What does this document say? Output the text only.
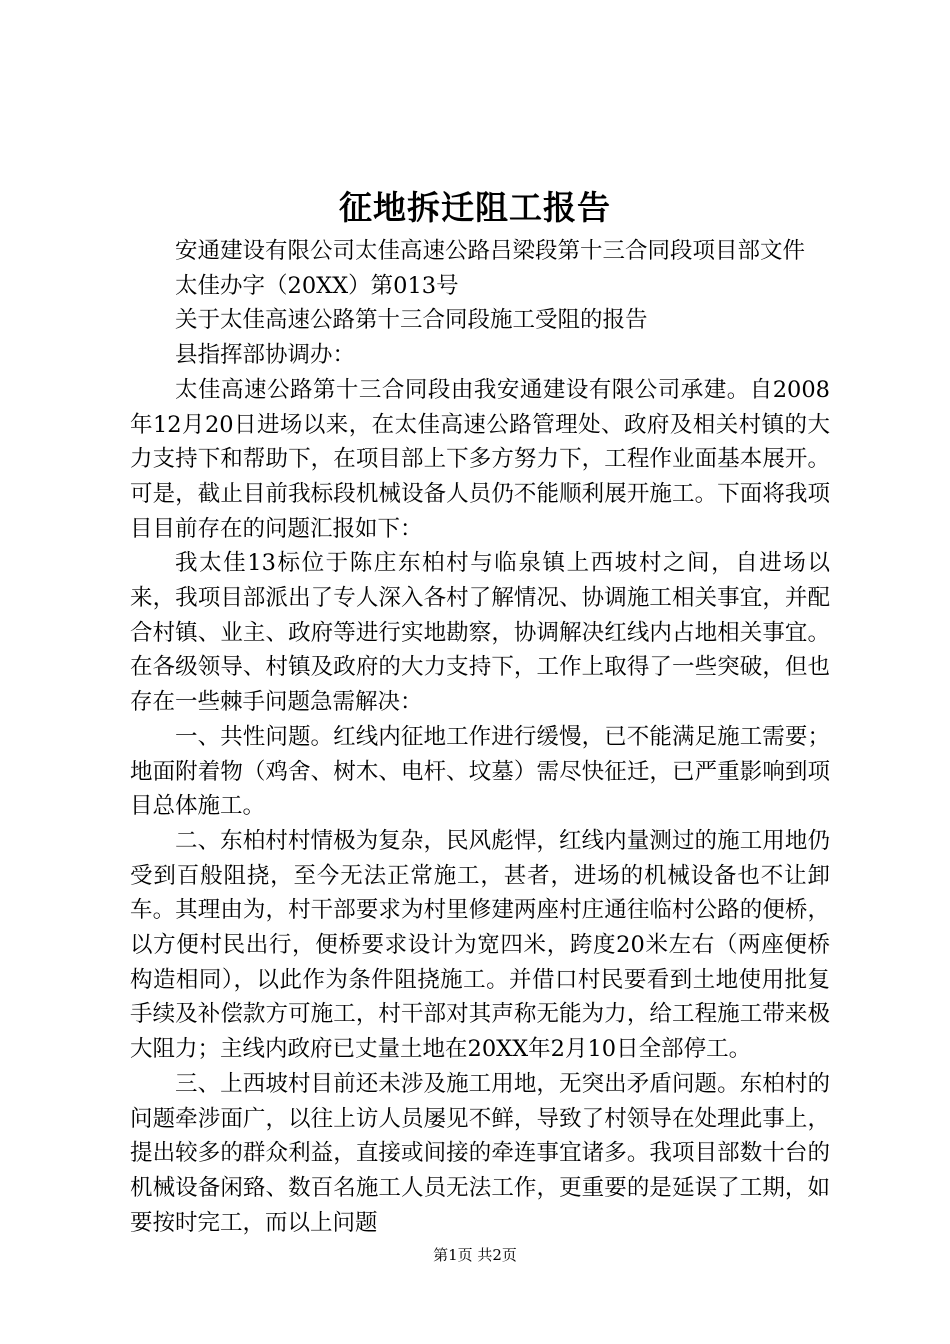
征地拆迁阻工报告

安通建设有限公司太佳高速公路吕梁段第十三合同段项目部文件

太佳办字（20XX）第013号

关于太佳高速公路第十三合同段施工受阻的报告

县指挥部协调办：

太佳高速公路第十三合同段由我安通建设有限公司承建。自2008年12月20日进场以来，在太佳高速公路管理处、政府及相关村镇的大力支持下和帮助下，在项目部上下多方努力下，工程作业面基本展开。可是，截止目前我标段机械设备人员仍不能顺利展开施工。下面将我项目目前存在的问题汇报如下：

我太佳13标位于陈庄东柏村与临泉镇上西坡村之间，自进场以来，我项目部派出了专人深入各村了解情况、协调施工相关事宜，并配合村镇、业主、政府等进行实地勘察，协调解决红线内占地相关事宜。在各级领导、村镇及政府的大力支持下，工作上取得了一些突破，但也存在一些棘手问题急需解决：

一、共性问题。红线内征地工作进行缓慢，已不能满足施工需要；地面附着物（鸡舍、树木、电杆、坟墓）需尽快征迁，已严重影响到项目总体施工。

二、东柏村村情极为复杂，民风彪悍，红线内量测过的施工用地仍受到百般阻挠，至今无法正常施工，甚者，进场的机械设备也不让卸车。其理由为，村干部要求为村里修建两座村庄通往临村公路的便桥，以方便村民出行，便桥要求设计为宽四米，跨度20米左右（两座便桥构造相同），以此作为条件阻挠施工。并借口村民要看到土地使用批复手续及补偿款方可施工，村干部对其声称无能为力，给工程施工带来极大阻力；主线内政府已丈量土地在20XX年2月10日全部停工。

三、上西坡村目前还未涉及施工用地，无突出矛盾问题。东柏村的问题牵涉面广，以往上访人员屡见不鲜，导致了村领导在处理此事上，提出较多的群众利益，直接或间接的牵连事宜诸多。我项目部数十台的机械设备闲臵、数百名施工人员无法工作，更重要的是延误了工期，如要按时完工，而以上问题

第1页 共2页
